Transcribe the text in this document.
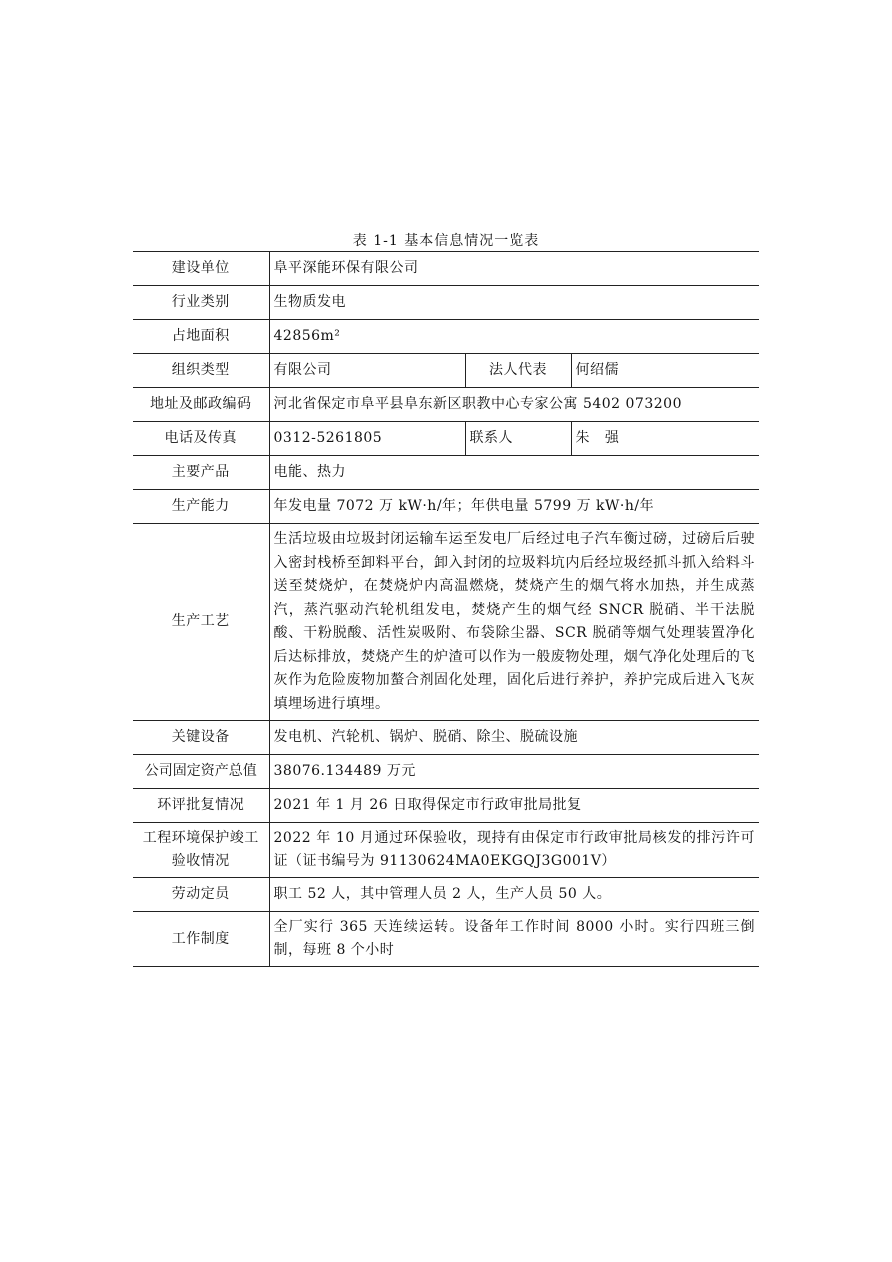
表 1-1 基本信息情况一览表
建设单位	阜平深能环保有限公司		
行业类别	生物质发电		
占地面积	42856m²		
组织类型	有限公司	法人代表	何绍儒
地址及邮政编码	河北省保定市阜平县阜东新区职教中心专家公寓 5402 073200		
电话及传真	0312-5261805	联系人	朱   强
主要产品	电能、热力		
生产能力	年发电量 7072 万 kW·h/年；年供电量 5799 万 kW·h/年		
生产工艺	生活垃圾由垃圾封闭运输车运至发电厂后经过电子汽车衡过磅，过磅后后驶入密封栈桥至卸料平台，卸入封闭的垃圾料坑内后经垃圾经抓斗抓入给料斗送至焚烧炉，在焚烧炉内高温燃烧，焚烧产生的烟气将水加热，并生成蒸汽，蒸汽驱动汽轮机组发电，焚烧产生的烟气经 SNCR 脱硝、半干法脱酸、干粉脱酸、活性炭吸附、布袋除尘器、SCR 脱硝等烟气处理装置净化后达标排放，焚烧产生的炉渣可以作为一般废物处理，烟气净化处理后的飞灰作为危险废物加螯合剂固化处理，固化后进行养护，养护完成后进入飞灰填埋场进行填埋。		
关键设备	发电机、汽轮机、锅炉、脱硝、除尘、脱硫设施		
公司固定资产总值	38076.134489 万元		
环评批复情况	2021 年 1 月 26 日取得保定市行政审批局批复		
工程环境保护竣工验收情况	2022 年 10 月通过环保验收，现持有由保定市行政审批局核发的排污许可证（证书编号为 91130624MA0EKGQJ3G001V）		
劳动定员	职工 52 人，其中管理人员 2 人，生产人员 50 人。		
工作制度	全厂实行 365 天连续运转。设备年工作时间 8000 小时。实行四班三倒制，每班 8 个小时		
